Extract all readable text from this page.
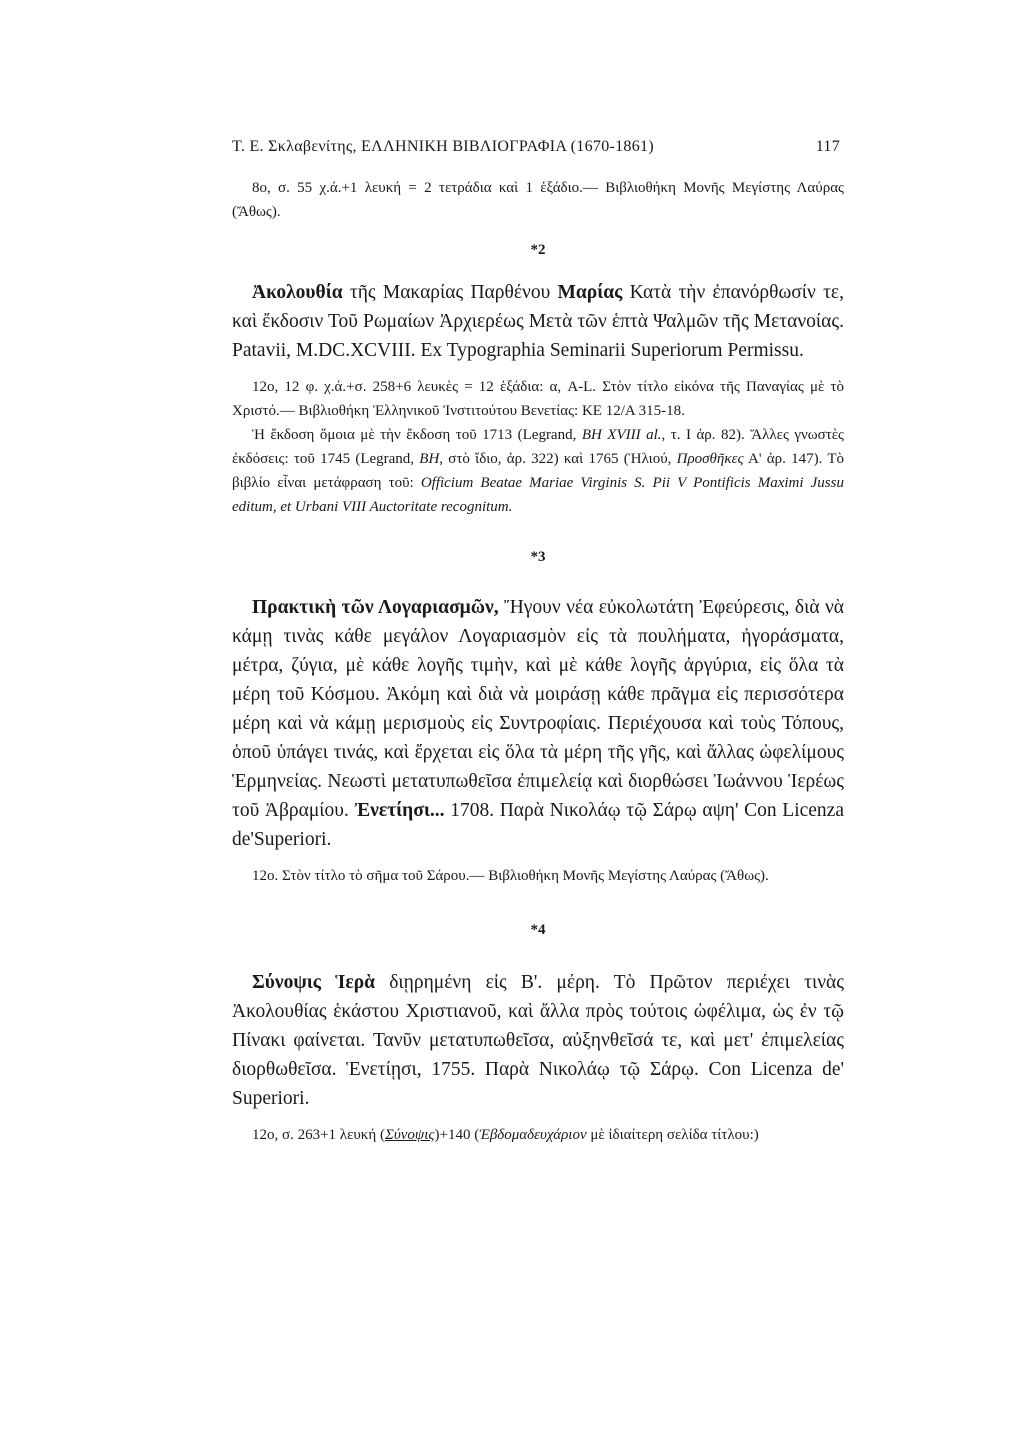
T. E. Σκλαβενίτης, ΕΛΛΗΝΙΚΗ ΒΙΒΛΙΟΓΡΑΦΙΑ (1670-1861)	117

8ο, σ. 55 χ.ά.+1 λευκή = 2 τετράδια καὶ 1 ἑξάδιο.— Βιβλιοθήκη Μονῆς Μεγίστης Λαύρας (Ἄθως).

*2

Ἀκολουθία τῆς Μακαρίας Παρθένου Μαρίας Κατὰ τὴν ἐπανόρθωσίν τε, καὶ ἔκδοσιν Τοῦ Ρωμαίων Ἀρχιερέως Μετὰ τῶν ἑπτὰ Ψαλμῶν τῆς Μετανοίας. Patavii, M.DC.XCVIII. Ex Typographia Seminarii Superiorum Permissu.

12ο, 12 φ. χ.ά.+σ. 258+6 λευκὲς = 12 ἑξάδια: α, A-L. Στὸν τίτλο εἰκόνα τῆς Παναγίας μὲ τὸ Χριστό.— Βιβλιοθήκη Ἑλληνικοῦ Ἰνστιτούτου Βενετίας: ΚΕ 12/A 315-18.

Ἡ ἔκδοση ὅμοια μὲ τὴν ἔκδοση τοῦ 1713 (Legrand, BH XVIII al., τ. Ι ἀρ. 82). Ἄλλες γνωστὲς ἐκδόσεις: τοῦ 1745 (Legrand, BH, στὸ ἴδιο, ἀρ. 322) καὶ 1765 (Ἡλιού, Προσθῆκες Α' ἀρ. 147). Τὸ βιβλίο εἶναι μετάφραση τοῦ: Officium Beatae Mariae Virginis S. Pii V Pontificis Maximi Jussu editum, et Urbani VIII Auctoritate recognitum.

*3

Πρακτικὴ τῶν Λογαριασμῶν, Ἤγουν νέα εὐκολωτάτη Ἐφεύρεσις, διὰ νὰ κάμῃ τινὰς κάθε μεγάλον Λογαριασμὸν εἰς τὰ πουλήματα, ἠγοράσματα, μέτρα, ζύγια, μὲ κάθε λογῆς τιμὴν, καὶ μὲ κάθε λογῆς ἀργύρια, εἰς ὅλα τὰ μέρη τοῦ Κόσμου. Ἀκόμη καὶ διὰ νὰ μοιράσῃ κάθε πρᾶγμα εἰς περισσότερα μέρη καὶ νὰ κάμῃ μερισμοὺς εἰς Συντροφίαις. Περιέχουσα καὶ τοὺς Τόπους, ὁποῦ ὑπάγει τινάς, καὶ ἔρχεται εἰς ὅλα τὰ μέρη τῆς γῆς, καὶ ἄλλας ὠφελίμους Ἑρμηνείας. Νεωστὶ μετατυπωθεῖσα ἐπιμελείᾳ καὶ διορθώσει Ἰωάννου Ἱερέως τοῦ Ἀβραμίου. Ἐνετίησι... 1708. Παρὰ Νικολάῳ τῷ Σάρῳ αψη' Con Licenza de'Superiori.

12ο. Στὸν τίτλο τὸ σῆμα τοῦ Σάρου.— Βιβλιοθήκη Μονῆς Μεγίστης Λαύρας (Ἄθως).

*4

Σύνοψις Ἱερὰ διῃρημένη εἰς Β'. μέρη. Τὸ Πρῶτον περιέχει τινὰς Ἀκολουθίας ἑκάστου Χριστιανοῦ, καὶ ἄλλα πρὸς τούτοις ὠφέλιμα, ὡς ἐν τῷ Πίνακι φαίνεται. Τανῦν μετατυπωθεῖσα, αὐξηνθεῖσά τε, καὶ μετ' ἐπιμελείας διορθωθεῖσα. Ἑνετίῃσι, 1755. Παρὰ Νικολάῳ τῷ Σάρῳ. Con Licenza de' Superiori.

12ο, σ. 263+1 λευκή (Σύνοψις)+140 (Ἑβδομαδευχάριον μὲ ἰδιαίτερη σελίδα τίτλου:)
